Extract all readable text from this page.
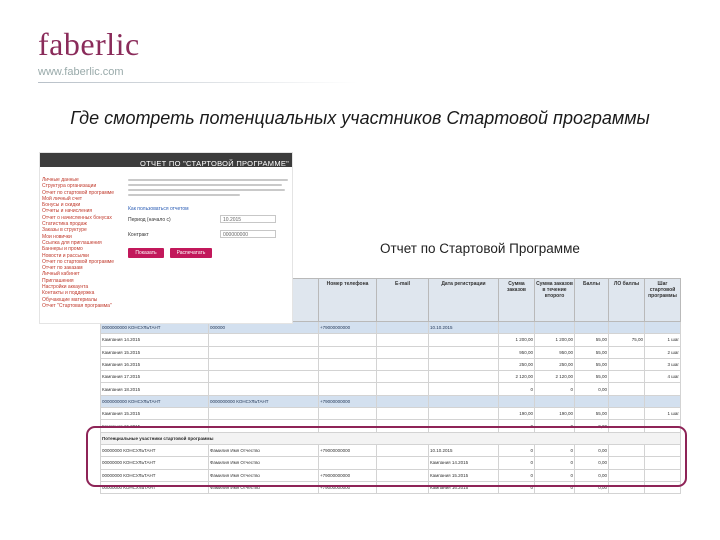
faberlic
www.faberlic.com
Где смотреть потенциальных участников Стартовой программы
ОТЧЕТ ПО "СТАРТОВОЙ ПРОГРАММЕ"
Личные данные
Структура организации
Отчет по стартовой программе
Мой личный счет
Бонусы и скидки
Отчеты и начисления
Отчет о начисленных бонусах
Статистика продаж
Заказы в структуре
Мои новички
Ссылка для приглашения
Баннеры и промо
Новости и рассылки
Отчет по стартовой программе
Отчет по заказам
Личный кабинет
Приглашения
Настройки аккаунта
Контакты и поддержка
Обучающие материалы
Отчет "Стартовая программа"
Как пользоваться отчетом
Период (начало с)	10.2015
Контракт	000000000
Показать	Распечатать	Отчет по Стартовой Программе
		Номер телефона	E-mail	Дата регистрации	Сумма заказов	Сумма заказов в течение второго	Баллы	ЛО баллы	Шаг стартовой программы
0000000000 КОНСУЛЬТАНТ	000000	+79000000000		10.10.2015					
Кампания 14.2015					1 200,00	1 200,00	55,00	75,00	1 шаг
Кампания 15.2015					950,00	950,00	55,00		2 шаг
Кампания 16.2015					250,00	250,00	55,00		3 шаг
Кампания 17.2015					2 120,00	2 120,00	55,00		4 шаг
Кампания 18.2015					0	0	0,00		
0000000000 КОНСУЛЬТАНТ	0000000000 КОНСУЛЬТАНТ	+79000000000							
Кампания 15.2015					190,00	190,00	55,00		1 шаг
Кампания 16.2015					0	0	0,00		
Потенциальные участники стартовой программы									
00000000 КОНСУЛЬТАНТ	Фамилия Имя Отчество	+79000000000		10.10.2015	0	0	0,00		
00000000 КОНСУЛЬТАНТ	Фамилия Имя Отчество			Кампания 14.2015	0	0	0,00		
00000000 КОНСУЛЬТАНТ	Фамилия Имя Отчество	+79000000000		Кампания 15.2015	0	0	0,00		
00000000 КОНСУЛЬТАНТ	Фамилия Имя Отчество	+79000000000		Кампания 16.2015	0	0	0,00		
